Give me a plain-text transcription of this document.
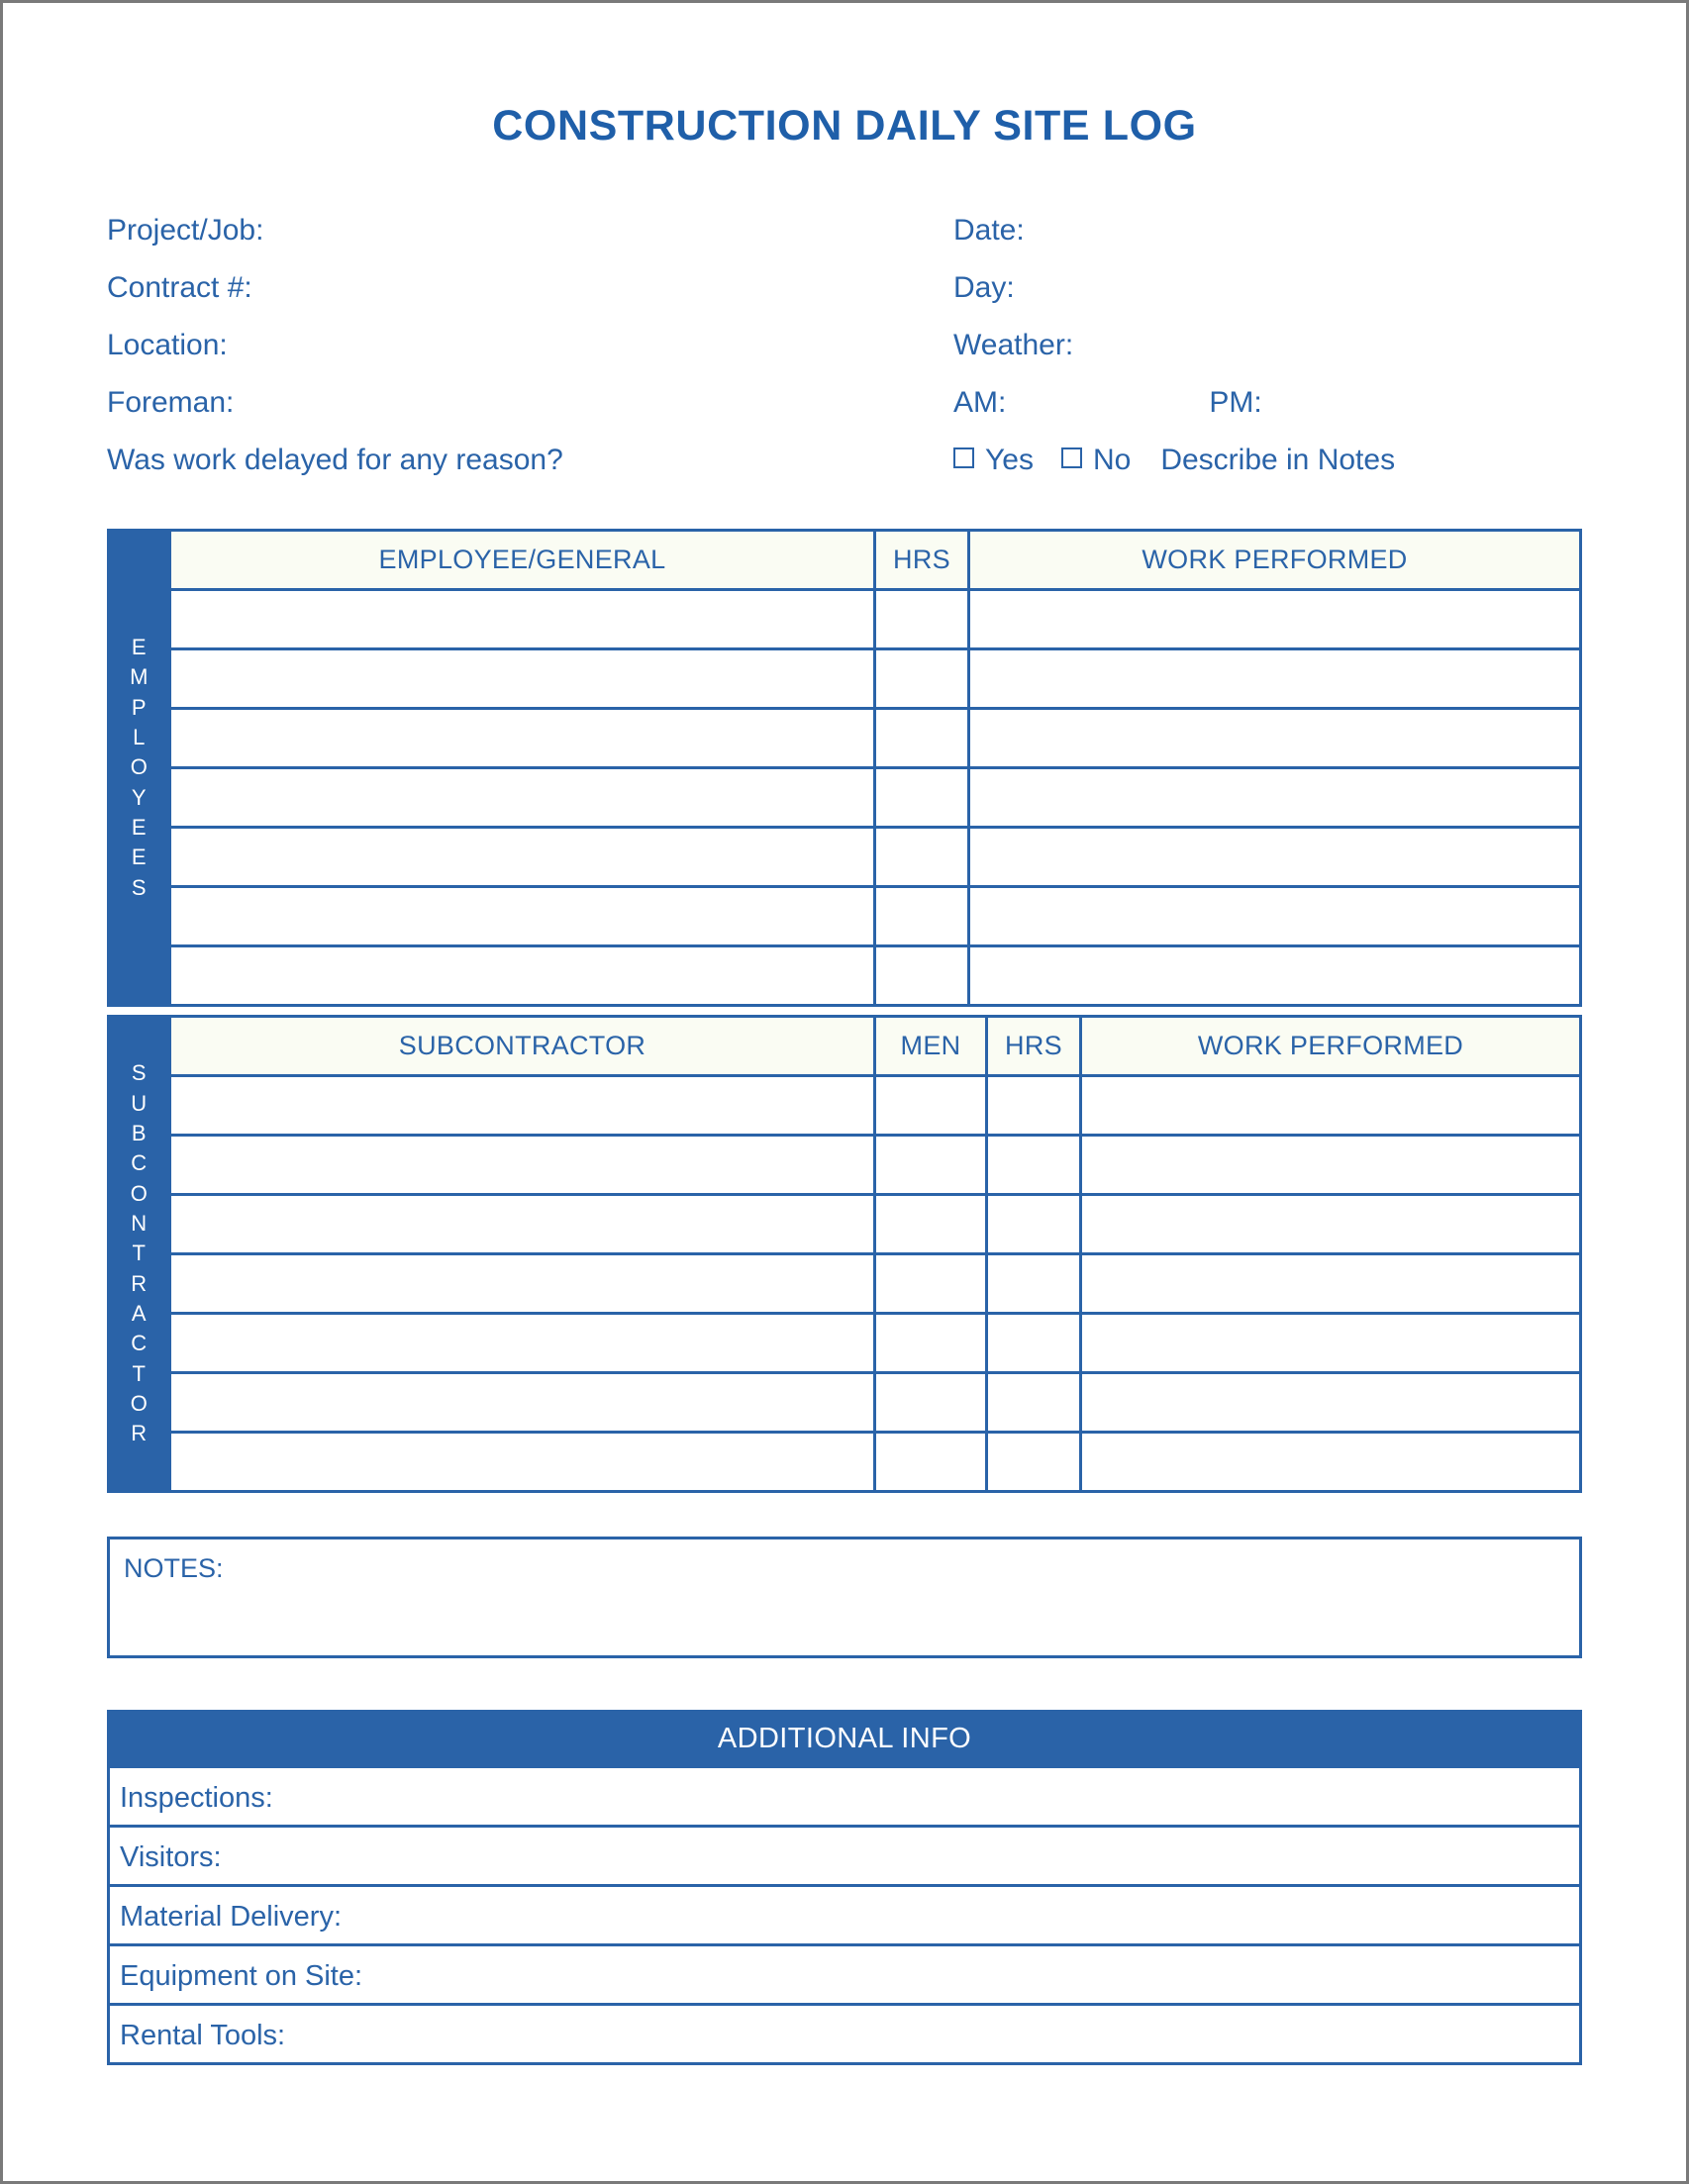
CONSTRUCTION DAILY SITE LOG
Project/Job:	Date:
Contract #:	Day:
Location:	Weather:
Foreman:	AM:	PM:
Was work delayed for any reason?	Yes	No Describe in Notes
E
M
P
L
O
Y
E
E
S
	EMPLOYEE/GENERAL	HRS	WORK PERFORMED

S
U
B
C
O
N
T
R
A
C
T
O
R
	SUBCONTRACTOR	MEN	HRS	WORK PERFORMED

NOTES:
ADDITIONAL INFO
Inspections:
Visitors:
Material Delivery:
Equipment on Site:
Rental Tools:
